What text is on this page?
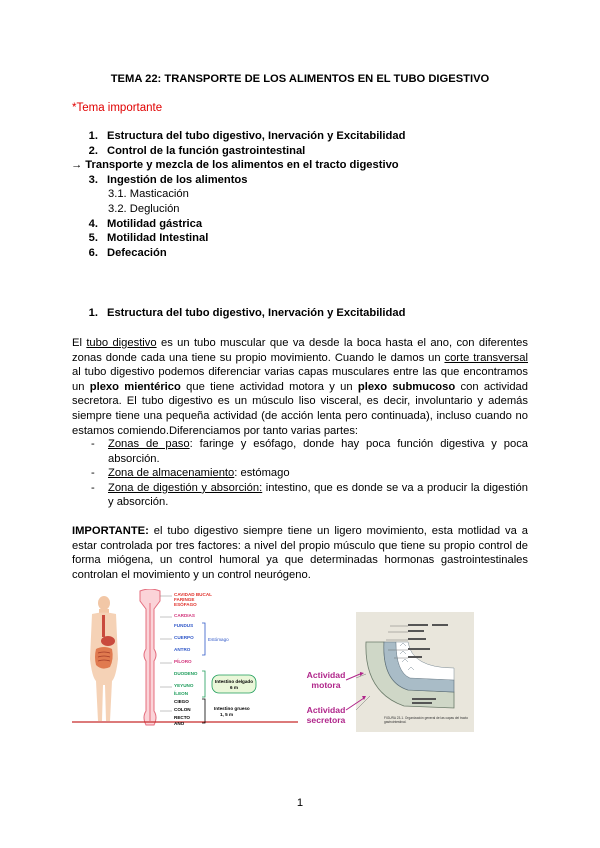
TEMA 22: TRANSPORTE DE LOS ALIMENTOS EN EL TUBO DIGESTIVO
*Tema importante
1. Estructura del tubo digestivo, Inervación y Excitabilidad
2. Control de la función gastrointestinal
→ Transporte y mezcla de los alimentos en el tracto digestivo
3. Ingestión de los alimentos
3.1. Masticación
3.2. Deglución
4. Motilidad gástrica
5. Motilidad Intestinal
6. Defecación
1. Estructura del tubo digestivo, Inervación y Excitabilidad
El tubo digestivo es un tubo muscular que va desde la boca hasta el ano, con diferentes zonas donde cada una tiene su propio movimiento. Cuando le damos un corte transversal al tubo digestivo podemos diferenciar varias capas musculares entre las que encontramos un plexo mientérico que tiene actividad motora y un plexo submucoso con actividad secretora. El tubo digestivo es un músculo liso visceral, es decir, involuntario y además siempre tiene una pequeña actividad (de acción lenta pero continuada), incluso cuando no estamos comiendo.Diferenciamos por tanto varias partes:
-	Zonas de paso: faringe y esófago, donde hay poca función digestiva y poca absorción.
-	Zona de almacenamiento: estómago
-	Zona de digestión y absorción: intestino, que es donde se va a producir la digestión y absorción.
IMPORTANTE: el tubo digestivo siempre tiene un ligero movimiento, esta motlidad va a estar controlada por tres factores: a nivel del propio músculo que tiene su propio control de forma miógena, un control humoral ya que determinadas hormonas gastrointestinales controlan el movimiento y un control neurógeno.
CAVIDAD BUCAL
FARINGE
ESÓFAGO
CARDIAS
FUNDUS
CUERPO
ANTRO
PÍLORO
DUODENO
YEYUNO
ÍLEON
CIEGO
COLON
RECTO
ANO
Estómago
Intestino delgado
6 m
Intestino grueso
1, 5 m
Actividad
motora
Actividad
secretora	FIGURA 23-1. Organización general de las capas del tracto
gastrointestinal.
1
